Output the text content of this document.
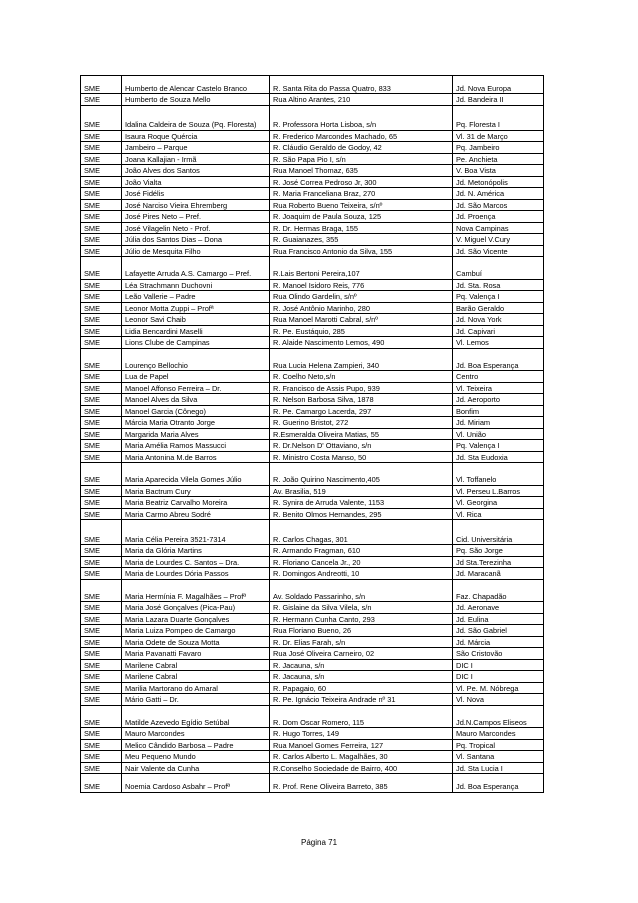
SME	Humberto de Alencar Castelo Branco	R. Santa Rita do Passa Quatro, 833	Jd. Nova Europa
SME	Humberto de Souza Mello	Rua Altino Arantes, 210	Jd. Bandeira II
SME	Idalina Caldeira de Souza (Pq. Floresta)	R. Professora Horta Lisboa, s/n	Pq. Floresta I
SME	Isaura Roque Quércia	R. Frederico Marcondes Machado, 65	Vl. 31 de Março
SME	Jambeiro – Parque	R. Cláudio Geraldo de Godoy, 42	Pq. Jambeiro
SME	Joana Kallajian - Irmã	R. São Papa Pio I, s/n	Pe. Anchieta
SME	João Alves dos Santos	Rua Manoel Thomaz, 635	V. Boa Vista
SME	João Vialta	R. José Correa Pedroso Jr, 300	Jd. Metonópolis
SME	José Fidélis	R. Maria Franceliana Braz, 270	Jd. N. América
SME	José Narciso Vieira Ehremberg	Rua Roberto Bueno Teixeira, s/nº	Jd. São Marcos
SME	José Pires Neto – Pref.	R. Joaquim de Paula Souza, 125	Jd. Proença
SME	José Vilagelin Neto - Prof.	R. Dr. Hermas Braga, 155	Nova Campinas
SME	Júlia dos Santos Dias – Dona	R. Guaianazes, 355	V. Miguel V.Cury
SME	Júlio de Mesquita Filho	Rua Francisco Antonio da Silva, 155	Jd. São Vicente
SME	Lafayette Arruda A.S. Camargo – Pref.	R.Lais Bertoni Pereira,107	Cambuí
SME	Léa Strachmann Duchovni	R. Manoel Isidoro Reis, 776	Jd. Sta. Rosa
SME	Leão Vallerie – Padre	Rua Olindo Gardelin, s/nº	Pq. Valença I
SME	Leonor Motta Zuppi – Profª	R. José Antônio Marinho, 280	Barão Geraldo
SME	Leonor Savi Chaib	Rua Manoel Marotti Cabral, s/nº	Jd. Nova York
SME	Lidia Bencardini Maselli	R. Pe. Eustáquio, 285	Jd. Capivari
SME	Lions Clube de Campinas	R. Alaide Nascimento Lemos, 490	Vl. Lemos
SME	Lourenço Bellochio	Rua Lucia Helena Zampieri, 340	Jd. Boa Esperança
SME	Lua de Papel	R. Coelho Neto,s/n	Centro
SME	Manoel Affonso Ferreira – Dr.	R. Francisco de Assis Pupo, 939	Vl. Teixeira
SME	Manoel Alves da Silva	R. Nelson Barbosa Silva, 1878	Jd. Aeroporto
SME	Manoel Garcia (Cônego)	R. Pe. Camargo Lacerda, 297	Bonfim
SME	Márcia Maria Otranto Jorge	R. Guerino Bristot, 272	Jd. Miriam
SME	Margarida Maria Alves	R.Esmeralda Oliveira Matias, 55	Vl. União
SME	Maria Amélia Ramos Massucci	R. Dr.Nelson D' Ottaviano, s/n	Pq. Valença I
SME	Maria Antonina M.de Barros	R. Ministro Costa Manso, 50	Jd. Sta Eudoxia
SME	Maria Aparecida Vilela Gomes Júlio	R. João Quirino Nascimento,405	Vl. Toffanelo
SME	Maria Bactrum Cury	Av. Brasilia, 519	Vl. Perseu L.Barros
SME	Maria Beatriz Carvalho Moreira	R. Synira de Arruda Valente, 1153	Vl. Georgina
SME	Maria Carmo Abreu Sodré	R. Benito Olmos Hernandes, 295	Vl. Rica
SME	Maria Célia Pereira 3521-7314	R. Carlos Chagas, 301	Cid. Universitária
SME	Maria da Glória Martins	R. Armando Fragman, 610	Pq. São Jorge
SME	Maria de Lourdes C. Santos – Dra.	R. Floriano Cancela Jr., 20	Jd Sta.Terezinha
SME	Maria de Lourdes Dória Passos	R. Domingos Andreotti, 10	Jd. Maracanã
SME	Maria Hermínia F. Magalhães – Profª	Av. Soldado Passarinho, s/n	Faz. Chapadão
SME	Maria José Gonçalves (Pica-Pau)	R. Gislaine da Silva Vilela, s/n	Jd. Aeronave
SME	Maria Lazara Duarte Gonçalves	R. Hermann Cunha Canto, 293	Jd. Eulina
SME	Maria Luiza Pompeo de Camargo	Rua Floriano Bueno, 26	Jd. São Gabriel
SME	Maria Odete de Souza Motta	R. Dr. Elias Farah, s/n	Jd. Márcia
SME	Maria Pavanatti Favaro	Rua José Oliveira Carneiro, 02	São Cristovão
SME	Marilene Cabral	R. Jacauna, s/n	DIC I
SME	Marilene Cabral	R. Jacauna, s/n	DIC I
SME	Marilia Martorano do Amaral	R. Papagaio, 60	Vl. Pe. M. Nóbrega
SME	Mário Gatti – Dr.	R. Pe. Ignácio Teixeira Andrade nº 31	Vl. Nova
SME	Matilde Azevedo Egídio Setúbal	R. Dom Oscar Romero, 115	Jd.N.Campos Eliseos
SME	Mauro Marcondes	R. Hugo Torres, 149	Mauro Marcondes
SME	Melico Cândido Barbosa – Padre	Rua Manoel Gomes Ferreira, 127	Pq. Tropical
SME	Meu Pequeno Mundo	R. Carlos Alberto L. Magalhães, 30	Vl. Santana
SME	Nair Valente da Cunha	R.Conselho Sociedade de Bairro, 400	Jd. Sta Lucia I
SME	Noemia Cardoso Asbahr – Profª	R. Prof. Rene Oliveira Barreto, 385	Jd. Boa Esperança
Página 71
